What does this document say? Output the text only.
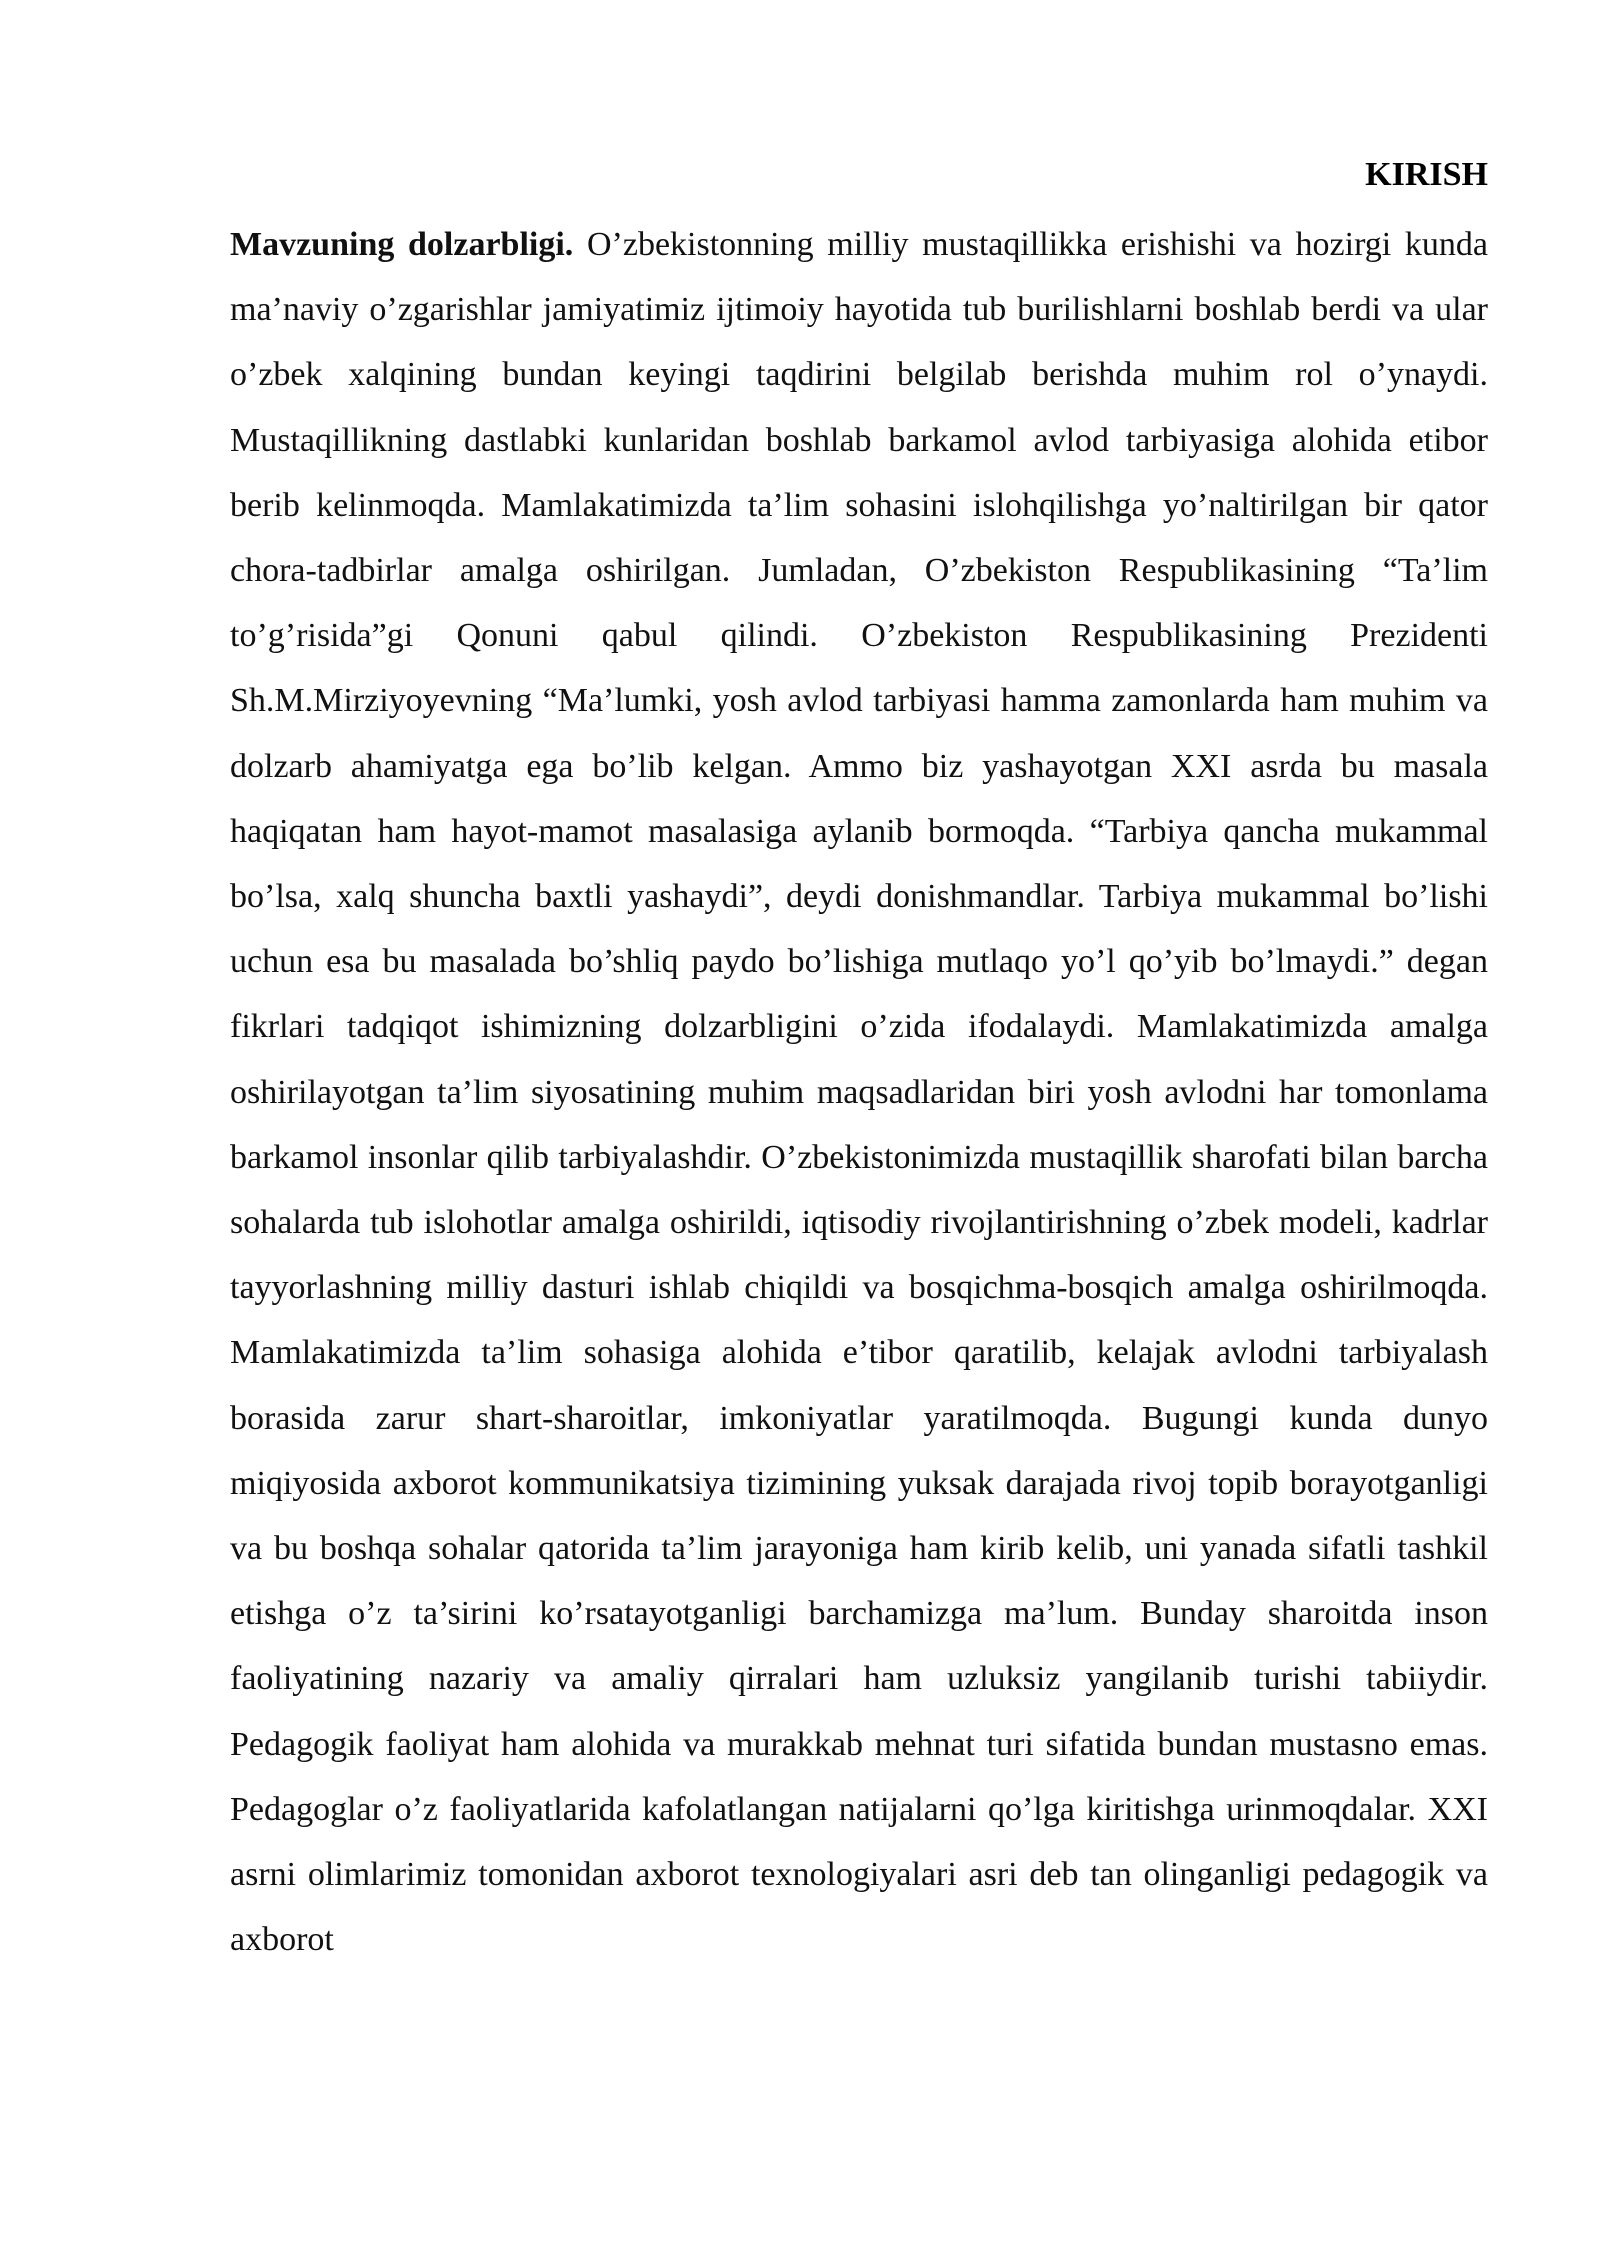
KIRISH

Mavzuning dolzarbligi. O’zbekistonning milliy mustaqillikka erishishi va hozirgi kunda ma’naviy o’zgarishlar jamiyatimiz ijtimoiy hayotida tub burilishlarni boshlab berdi va ular o’zbek xalqining bundan keyingi taqdirini belgilab berishda muhim rol o’ynaydi. Mustaqillikning dastlabki kunlaridan boshlab barkamol avlod tarbiyasiga alohida etibor berib kelinmoqda. Mamlakatimizda ta’lim sohasini islohqilishga yo’naltirilgan bir qator chora-tadbirlar amalga oshirilgan. Jumladan, O’zbekiston Respublikasining “Ta’lim to’g’risida”gi Qonuni qabul qilindi. O’zbekiston Respublikasining Prezidenti Sh.M.Mirziyoyevning “Ma’lumki, yosh avlod tarbiyasi hamma zamonlarda ham muhim va dolzarb ahamiyatga ega bo’lib kelgan. Ammo biz yashayotgan XXI asrda bu masala haqiqatan ham hayot-mamot masalasiga aylanib bormoqda. “Tarbiya qancha mukammal bo’lsa, xalq shuncha baxtli yashaydi”, deydi donishmandlar. Tarbiya mukammal bo’lishi uchun esa bu masalada bo’shliq paydo bo’lishiga mutlaqo yo’l qo’yib bo’lmaydi.” degan fikrlari tadqiqot ishimizning dolzarbligini o’zida ifodalaydi. Mamlakatimizda amalga oshirilayotgan ta’lim siyosatining muhim maqsadlaridan biri yosh avlodni har tomonlama barkamol insonlar qilib tarbiyalashdir. O’zbekistonimizda mustaqillik sharofati bilan barcha sohalarda tub islohotlar amalga oshirildi, iqtisodiy rivojlantirishning o’zbek modeli, kadrlar tayyorlashning milliy dasturi ishlab chiqildi va bosqichma-bosqich amalga oshirilmoqda. Mamlakatimizda ta’lim sohasiga alohida e’tibor qaratilib, kelajak avlodni tarbiyalash borasida zarur shart-sharoitlar, imkoniyatlar yaratilmoqda. Bugungi kunda dunyo miqiyosida axborot kommunikatsiya tizimining yuksak darajada rivoj topib borayotganligi va bu boshqa sohalar qatorida ta’lim jarayoniga ham kirib kelib, uni yanada sifatli tashkil etishga o’z ta’sirini ko’rsatayotganligi barchamizga ma’lum. Bunday sharoitda inson faoliyatining nazariy va amaliy qirralari ham uzluksiz yangilanib turishi tabiiydir. Pedagogik faoliyat ham alohida va murakkab mehnat turi sifatida bundan mustasno emas. Pedagoglar o’z faoliyatlarida kafolatlangan natijalarni qo’lga kiritishga urinmoqdalar. XXI asrni olimlarimiz tomonidan axborot texnologiyalari asri deb tan olinganligi pedagogik va axborot
